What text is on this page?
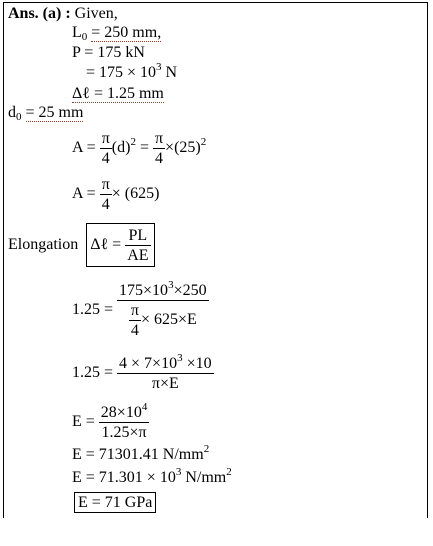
Ans. (a) : Given,
$L_0 = 250$ mm,
P = 175 kN
= $175 \times 10^3$ N
Δℓ = 1.25 mm
$d_0 = 25$ mm
$A = \frac{\pi}{4} (d)^2 = \frac{\pi}{4} \times(25)^2$
$A = \frac{\pi}{4} \times (625)$
Elongation Δℓ = $\frac{PL}{AE}$
$1.25 = \frac{175\times 10^3\times 250}{\frac{\pi}{4} \times 625\times E}$
$1.25 = \frac{4 \times 7\times 10^3 \times 10}{\pi\times E}$
$E = \frac{28\times 10^4}{1.25\times\pi}$
E = 71301.41 $N/mm^2$
$E = 71.301 \times 10^3$ $N/mm^2$
E = 71 GPa
